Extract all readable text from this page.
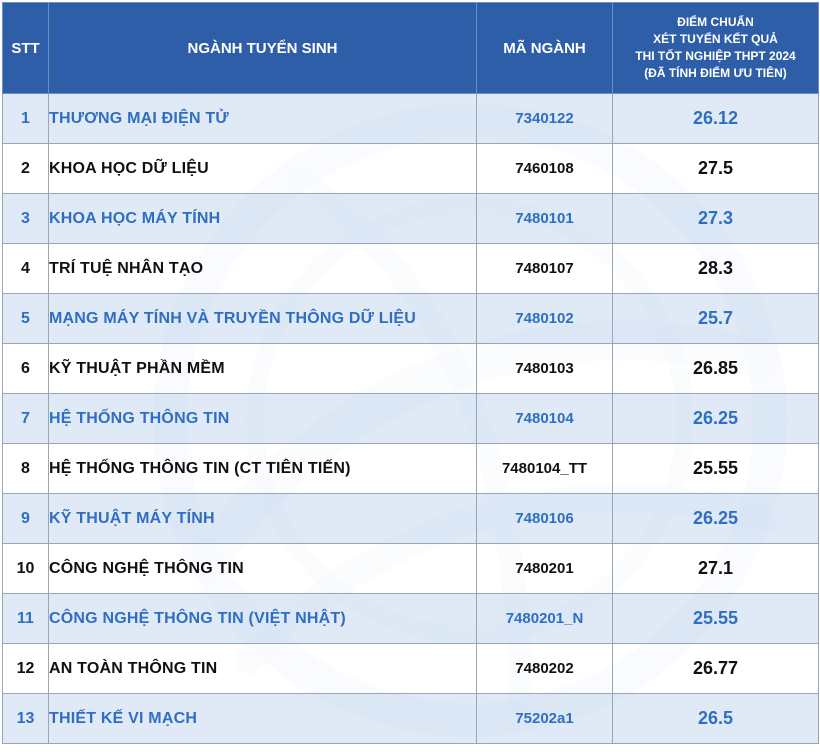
STT	NGÀNH TUYỂN SINH	MÃ NGÀNH	ĐIỂM CHUẨN
XÉT TUYỂN KẾT QUẢ
THI TỐT NGHIỆP THPT 2024
(ĐÃ TÍNH ĐIỂM ƯU TIÊN)

1	THƯƠNG MẠI ĐIỆN TỬ	7340122	26.12
2	KHOA HỌC DỮ LIỆU	7460108	27.5
3	KHOA HỌC MÁY TÍNH	7480101	27.3
4	TRÍ TUỆ NHÂN TẠO	7480107	28.3
5	MẠNG MÁY TÍNH VÀ TRUYỀN THÔNG DỮ LIỆU	7480102	25.7
6	KỸ THUẬT PHẦN MỀM	7480103	26.85
7	HỆ THỐNG THÔNG TIN	7480104	26.25
8	HỆ THỐNG THÔNG TIN (CT TIÊN TIẾN)	7480104_TT	25.55
9	KỸ THUẬT MÁY TÍNH	7480106	26.25
10	CÔNG NGHỆ THÔNG TIN	7480201	27.1
11	CÔNG NGHỆ THÔNG TIN (VIỆT NHẬT)	7480201_N	25.55
12	AN TOÀN THÔNG TIN	7480202	26.77
13	THIẾT KẾ VI MẠCH	75202a1	26.5
